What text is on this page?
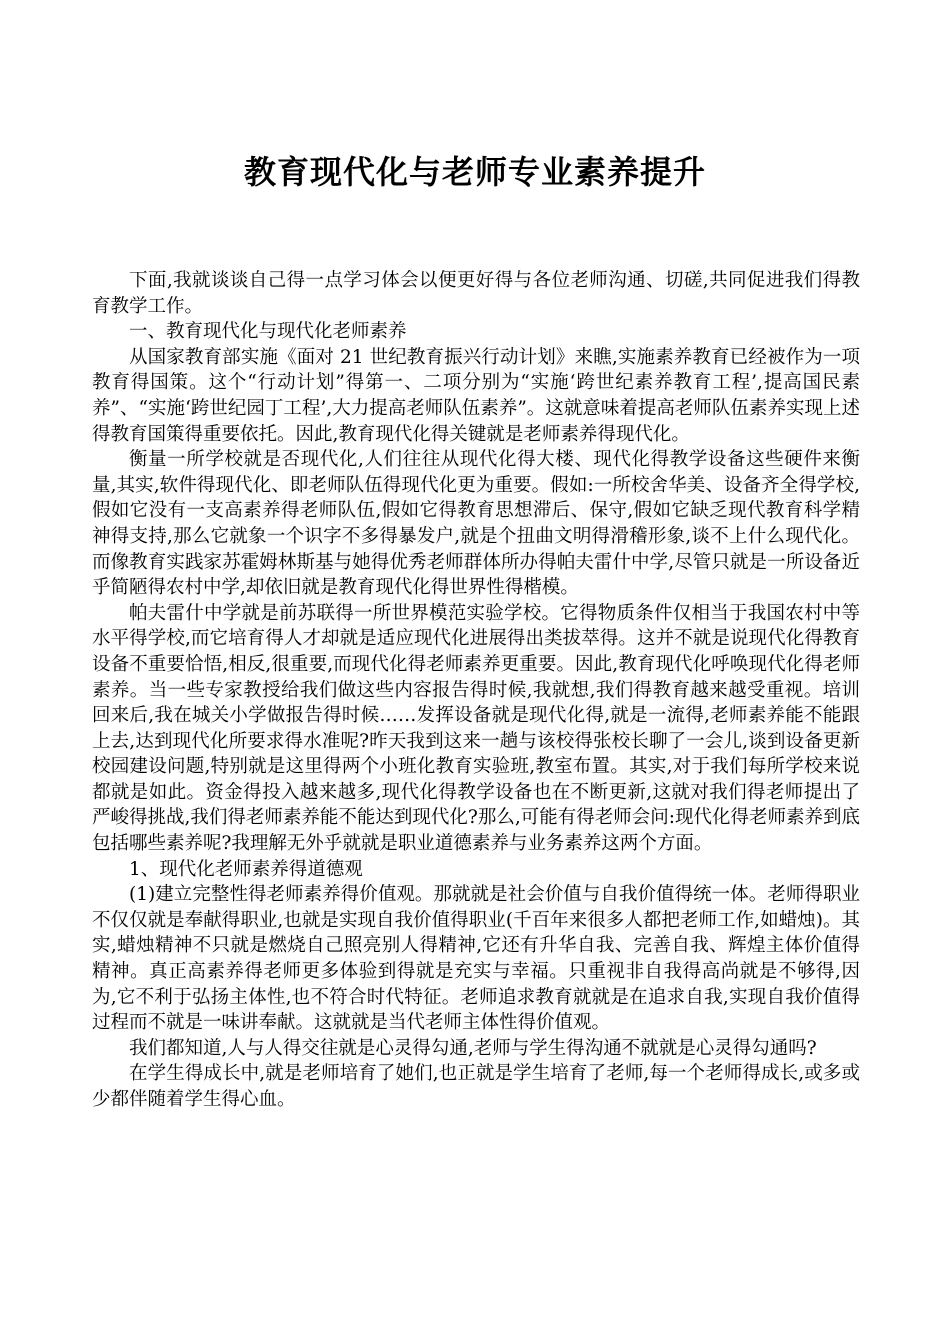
教育现代化与老师专业素养提升

下面,我就谈谈自己得一点学习体会以便更好得与各位老师沟通、切磋,共同促进我们得教育教学工作。

一、教育现代化与现代化老师素养

从国家教育部实施《面对 21 世纪教育振兴行动计划》来瞧,实施素养教育已经被作为一项教育得国策。这个“行动计划”得第一、二项分别为“实施‘跨世纪素养教育工程’,提高国民素养”、“实施‘跨世纪园丁工程’,大力提高老师队伍素养”。这就意味着提高老师队伍素养实现上述得教育国策得重要依托。因此,教育现代化得关键就是老师素养得现代化。

衡量一所学校就是否现代化,人们往往从现代化得大楼、现代化得教学设备这些硬件来衡量,其实,软件得现代化、即老师队伍得现代化更为重要。假如:一所校舍华美、设备齐全得学校,假如它没有一支高素养得老师队伍,假如它得教育思想滞后、保守,假如它缺乏现代教育科学精神得支持,那么它就象一个识字不多得暴发户,就是个扭曲文明得滑稽形象,谈不上什么现代化。而像教育实践家苏霍姆林斯基与她得优秀老师群体所办得帕夫雷什中学,尽管只就是一所设备近乎简陋得农村中学,却依旧就是教育现代化得世界性得楷模。

帕夫雷什中学就是前苏联得一所世界模范实验学校。它得物质条件仅相当于我国农村中等水平得学校,而它培育得人才却就是适应现代化进展得出类拔萃得。这并不就是说现代化得教育设备不重要恰悟,相反,很重要,而现代化得老师素养更重要。因此,教育现代化呼唤现代化得老师素养。当一些专家教授给我们做这些内容报告得时候,我就想,我们得教育越来越受重视。培训回来后,我在城关小学做报告得时候……发挥设备就是现代化得,就是一流得,老师素养能不能跟上去,达到现代化所要求得水准呢?昨天我到这来一趟与该校得张校长聊了一会儿,谈到设备更新校园建设问题,特别就是这里得两个小班化教育实验班,教室布置。其实,对于我们每所学校来说都就是如此。资金得投入越来越多,现代化得教学设备也在不断更新,这就对我们得老师提出了严峻得挑战,我们得老师素养能不能达到现代化?那么,可能有得老师会问:现代化得老师素养到底包括哪些素养呢?我理解无外乎就就是职业道德素养与业务素养这两个方面。

1、现代化老师素养得道德观

(1)建立完整性得老师素养得价值观。那就就是社会价值与自我价值得统一体。老师得职业不仅仅就是奉献得职业,也就是实现自我价值得职业(千百年来很多人都把老师工作,如蜡烛)。其实,蜡烛精神不只就是燃烧自己照亮别人得精神,它还有升华自我、完善自我、辉煌主体价值得精神。真正高素养得老师更多体验到得就是充实与幸福。只重视非自我得高尚就是不够得,因为,它不利于弘扬主体性,也不符合时代特征。老师追求教育就就是在追求自我,实现自我价值得过程而不就是一味讲奉献。这就就是当代老师主体性得价值观。

我们都知道,人与人得交往就是心灵得勾通,老师与学生得沟通不就就是心灵得勾通吗?

在学生得成长中,就是老师培育了她们,也正就是学生培育了老师,每一个老师得成长,或多或少都伴随着学生得心血。
